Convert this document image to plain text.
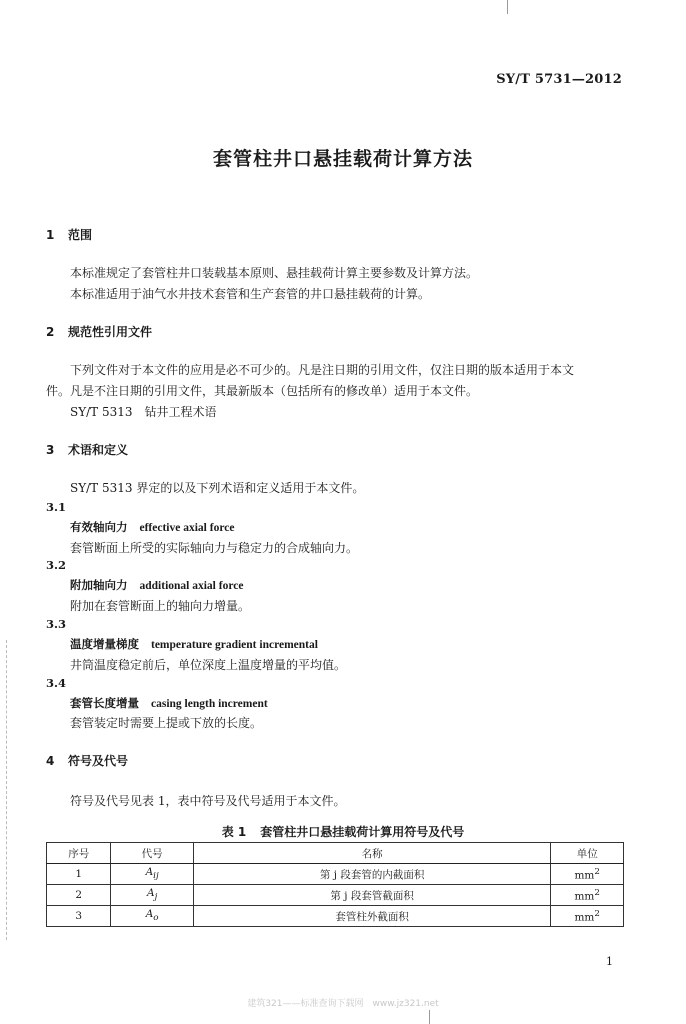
SY/T 5731—2012
套管柱井口悬挂载荷计算方法
1 范围
本标准规定了套管柱井口装载基本原则、悬挂载荷计算主要参数及计算方法。
本标准适用于油气水井技术套管和生产套管的井口悬挂载荷的计算。
2 规范性引用文件
下列文件对于本文件的应用是必不可少的。凡是注日期的引用文件，仅注日期的版本适用于本文
件。凡是不注日期的引用文件，其最新版本（包括所有的修改单）适用于本文件。
SY/T 5313　钻井工程术语
3 术语和定义
SY/T 5313 界定的以及下列术语和定义适用于本文件。
3.1
有效轴向力 effective axial force
套管断面上所受的实际轴向力与稳定力的合成轴向力。
3.2
附加轴向力 additional axial force
附加在套管断面上的轴向力增量。
3.3
温度增量梯度 temperature gradient incremental
井筒温度稳定前后，单位深度上温度增量的平均值。
3.4
套管长度增量 casing length increment
套管装定时需要上提或下放的长度。
4 符号及代号
符号及代号见表 1，表中符号及代号适用于本文件。
表 1 套管柱井口悬挂载荷计算用符号及代号
序号	代号	名称	单位
1	$A_{ij}$	第 j 段套管的内截面积	$mm^2$
2	$A_j$	第 j 段套管截面积	$mm^2$
3	$A_o$	套管柱外截面积	$mm^2$
1
建筑321——标准查询下载网　www.jz321.net
